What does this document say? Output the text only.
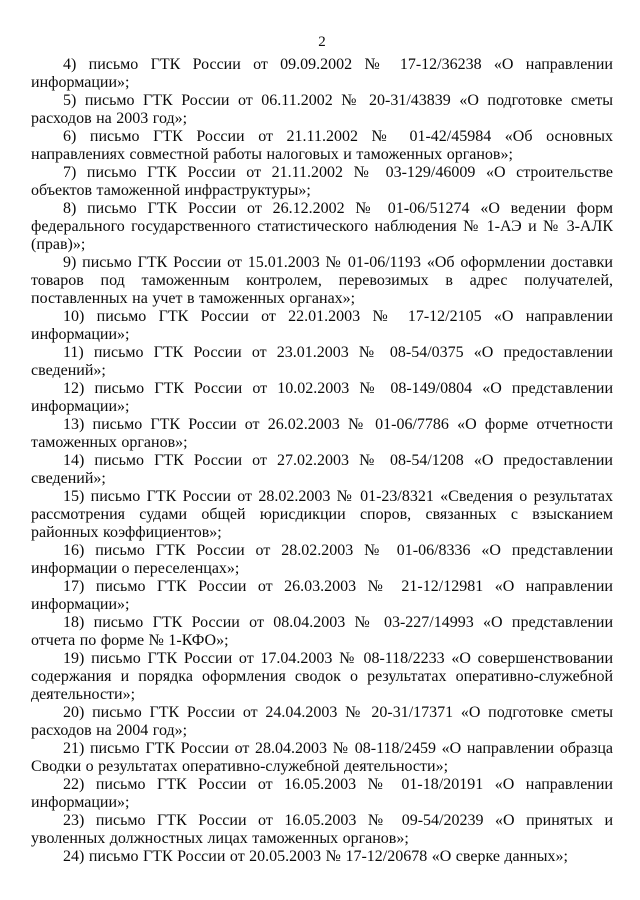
2

4) письмо ГТК России от 09.09.2002 № 17-12/36238 «О направлении информации»;

5) письмо ГТК России от 06.11.2002 № 20-31/43839 «О подготовке сметы расходов на 2003 год»;

6) письмо ГТК России от 21.11.2002 № 01-42/45984 «Об основных направлениях совместной работы налоговых и таможенных органов»;

7) письмо ГТК России от 21.11.2002 № 03-129/46009 «О строительстве объектов таможенной инфраструктуры»;

8) письмо ГТК России от 26.12.2002 № 01-06/51274 «О ведении форм федерального государственного статистического наблюдения № 1-АЭ и № 3-АЛК (прав)»;

9) письмо ГТК России от 15.01.2003 № 01-06/1193 «Об оформлении доставки товаров под таможенным контролем, перевозимых в адрес получателей, поставленных на учет в таможенных органах»;

10) письмо ГТК России от 22.01.2003 № 17-12/2105 «О направлении информации»;

11) письмо ГТК России от 23.01.2003 № 08-54/0375 «О предоставлении сведений»;

12) письмо ГТК России от 10.02.2003 № 08-149/0804 «О представлении информации»;

13) письмо ГТК России от 26.02.2003 № 01-06/7786 «О форме отчетности таможенных органов»;

14) письмо ГТК России от 27.02.2003 № 08-54/1208 «О предоставлении сведений»;

15) письмо ГТК России от 28.02.2003 № 01-23/8321 «Сведения о результатах рассмотрения судами общей юрисдикции споров, связанных с взысканием районных коэффициентов»;

16) письмо ГТК России от 28.02.2003 № 01-06/8336 «О представлении информации о переселенцах»;

17) письмо ГТК России от 26.03.2003 № 21-12/12981 «О направлении информации»;

18) письмо ГТК России от 08.04.2003 № 03-227/14993 «О представлении отчета по форме № 1-КФО»;

19) письмо ГТК России от 17.04.2003 № 08-118/2233 «О совершенствовании содержания и порядка оформления сводок о результатах оперативно-служебной деятельности»;

20) письмо ГТК России от 24.04.2003 № 20-31/17371 «О подготовке сметы расходов на 2004 год»;

21) письмо ГТК России от 28.04.2003 № 08-118/2459 «О направлении образца Сводки о результатах оперативно-служебной деятельности»;

22) письмо ГТК России от 16.05.2003 № 01-18/20191 «О направлении информации»;

23) письмо ГТК России от 16.05.2003 № 09-54/20239 «О принятых и уволенных должностных лицах таможенных органов»;

24) письмо ГТК России от 20.05.2003 № 17-12/20678 «О сверке данных»;
